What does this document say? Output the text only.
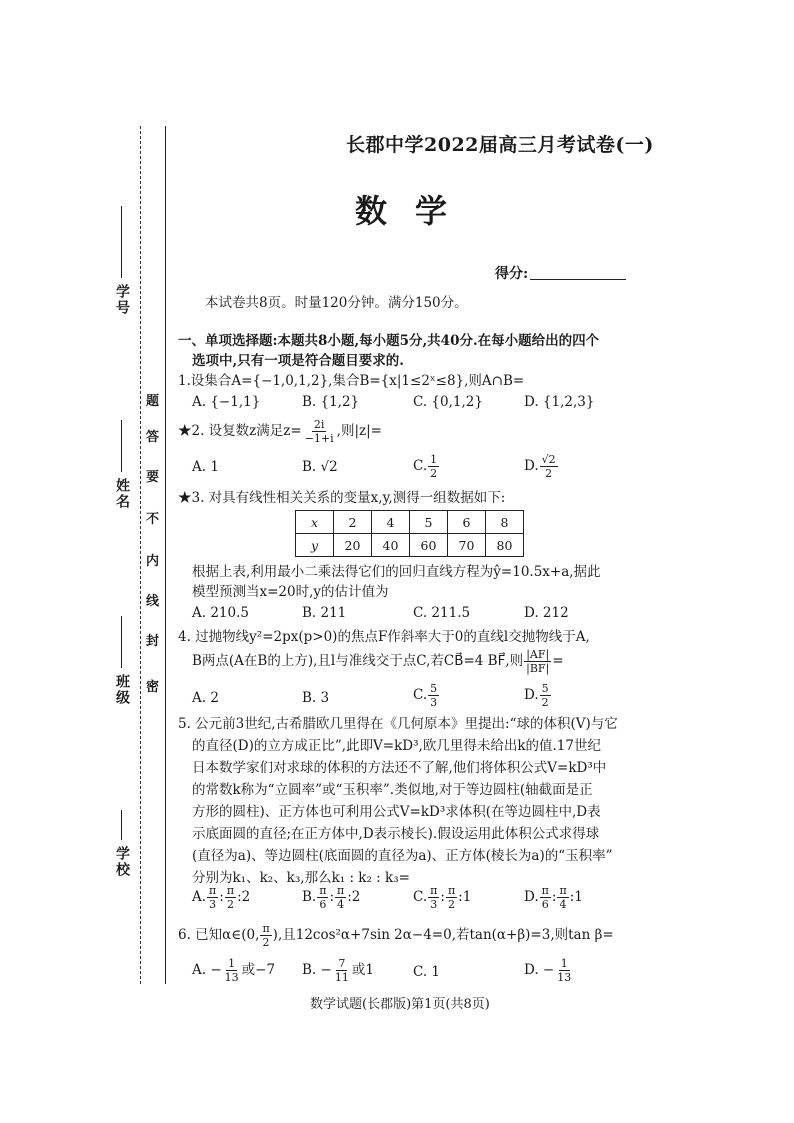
学校
班级
姓名
学号
密
封
线
内
不
要
答
题
长郡中学2022届高三月考试卷(一)
数学
得分:
本试卷共8页。时量120分钟。满分150分。
一、单项选择题:本题共8小题,每小题5分,共40分.在每小题给出的四个
选项中,只有一项是符合题目要求的.
1.设集合A={−1,0,1,2},集合B={x|1≤2ˣ≤8},则A∩B=
A. {−1,1}	B. {1,2}	C. {0,1,2}	D. {1,2,3}
★2. 设复数z满足$z= \frac{2i}{-1+i}$ ,则|z|=
A. 1	B. √2	C. $\frac{1}{2}$	D. $\frac{√2}{2}$
★3. 对具有线性相关关系的变量x,y,测得一组数据如下:
x	2	4	5	6	8
y	20	40	60	70	80
根据上表,利用最小二乘法得它们的回归直线方程为ŷ=10.5x+a,据此
模型预测当x=20时,y的估计值为
A. 210.5	B. 211	C. 211.5	D. 212
4. 过抛物线y²=2px(p>0)的焦点F作斜率大于0的直线l交抛物线于A,
B两点(A在B的上方),且l与准线交于点C,若CB⃗=4 BF⃗,则 $\frac{|AF|}{|BF|}$ =
A. 2	B. 3	C. $\frac{5}{3}$	D. $\frac{5}{2}$
5. 公元前3世纪,古希腊欧几里得在《几何原本》里提出:“球的体积(V)与它
的直径(D)的立方成正比”,此即V=kD³,欧几里得未给出k的值.17世纪
日本数学家们对求球的体积的方法还不了解,他们将体积公式V=kD³中
的常数k称为“立圆率”或“玉积率”.类似地,对于等边圆柱(轴截面是正
方形的圆柱)、正方体也可利用公式V=kD³求体积(在等边圆柱中,D表
示底面圆的直径;在正方体中,D表示棱长).假设运用此体积公式求得球
(直径为a)、等边圆柱(底面圆的直径为a)、正方体(棱长为a)的“玉积率”
分别为k₁、k₂、k₃,那么k₁ : k₂ : k₃=
A. $\frac{\pi}{3}$ : $\frac{\pi}{2}$ :2	B. $\frac{\pi}{6}$ : $\frac{\pi}{4}$ :2	C. $\frac{\pi}{3}$ : $\frac{\pi}{2}$ :1	D. $\frac{\pi}{6}$ : $\frac{\pi}{4}$ :1
6. 已知α∈(0, $\frac{\pi}{2}$ ),且12cos²α+7sin 2α−4=0,若tan(α+β)=3,则tan β=
A. − $\frac{1}{13}$ 或−7 B. − $\frac{7}{11}$ 或1	C. 1	D. − $\frac{1}{13}$
数学试题(长郡版)第1页(共8页)
